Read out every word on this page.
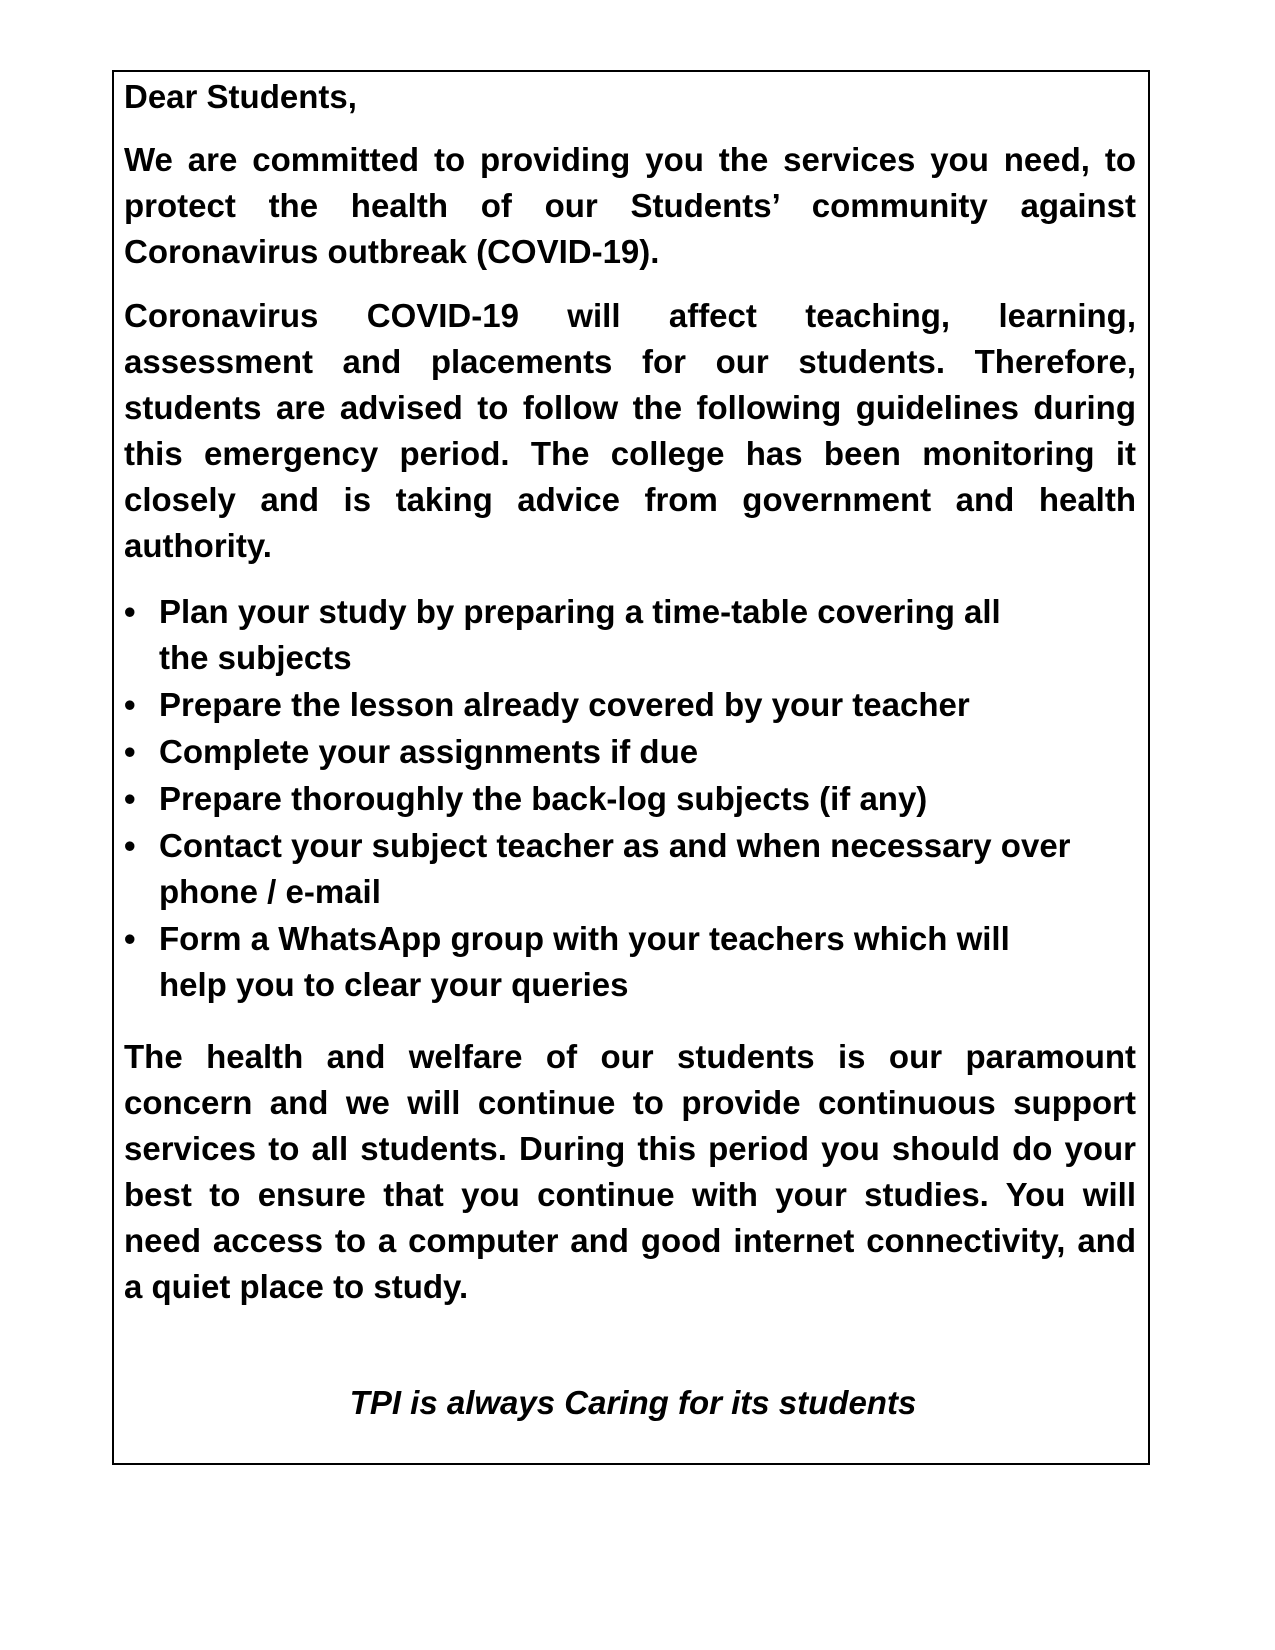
Dear Students,

We are committed to providing you the services you need, to protect the health of our Students’ community against Coronavirus outbreak (COVID-19).

Coronavirus COVID-19 will affect teaching, learning, assessment and placements for our students. Therefore, students are advised to follow the following guidelines during this emergency period. The college has been monitoring it closely and is taking advice from government and health authority.

• Plan your study by preparing a time-table covering all the subjects
• Prepare the lesson already covered by your teacher
• Complete your assignments if due
• Prepare thoroughly the back-log subjects (if any)
• Contact your subject teacher as and when necessary over phone / e-mail
• Form a WhatsApp group with your teachers which will help you to clear your queries

The health and welfare of our students is our paramount concern and we will continue to provide continuous support services to all students. During this period you should do your best to ensure that you continue with your studies. You will need access to a computer and good internet connectivity, and a quiet place to study.

TPI is always Caring for its students
